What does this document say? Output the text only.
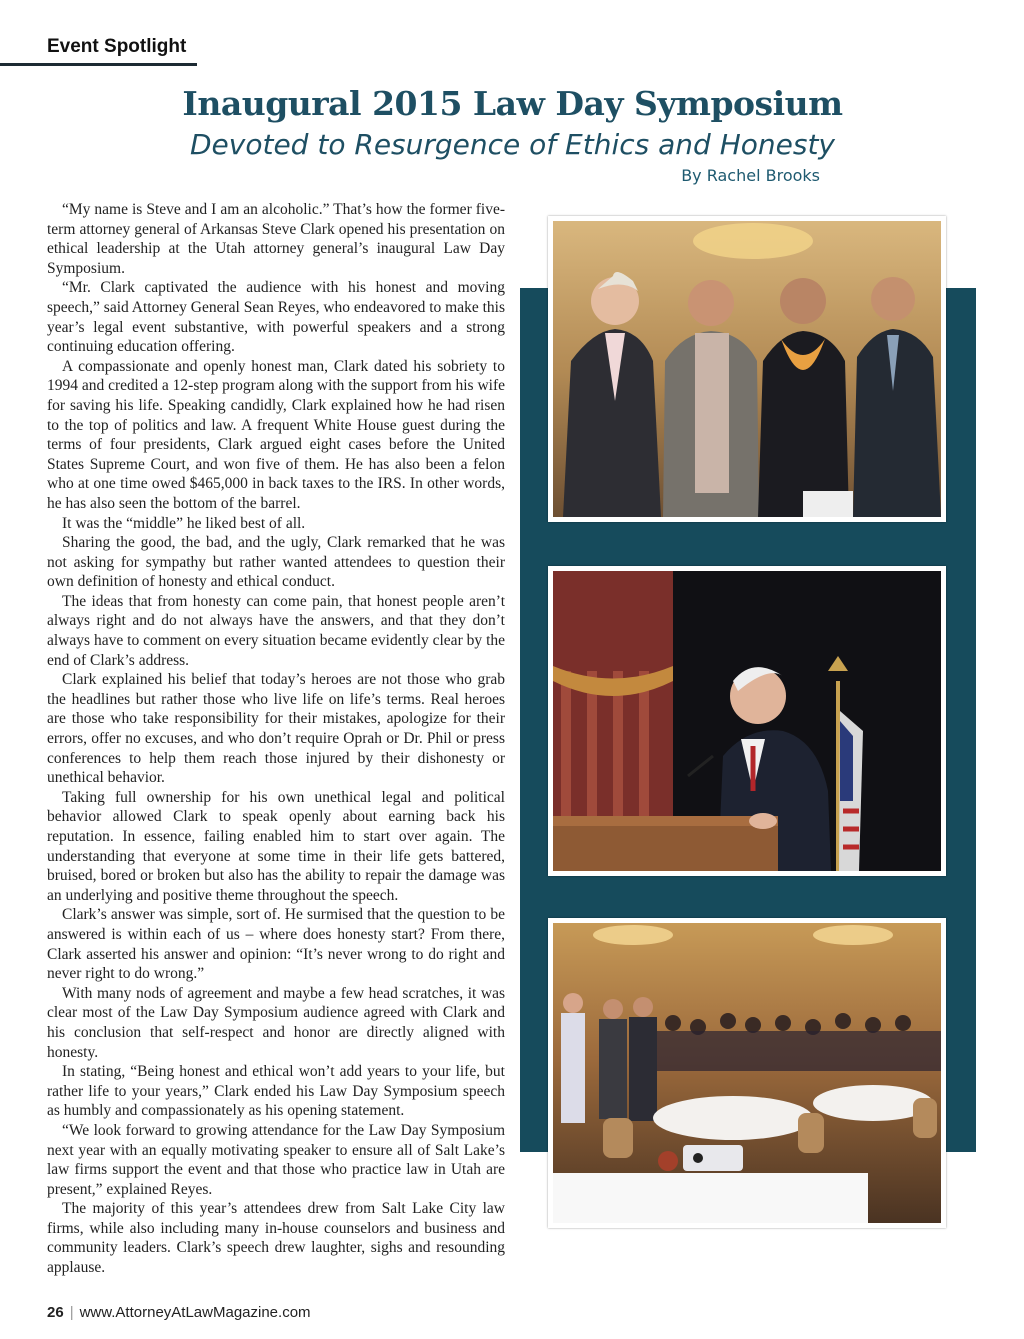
Event Spotlight
Inaugural 2015 Law Day Symposium
Devoted to Resurgence of Ethics and Honesty
By Rachel Brooks

“My name is Steve and I am an alcoholic.” That’s how the former five-term attorney general of Arkansas Steve Clark opened his presentation on ethical leadership at the Utah attorney general’s inaugural Law Day Symposium.

“Mr. Clark captivated the audience with his honest and moving speech,” said Attorney General Sean Reyes, who endeavored to make this year’s legal event substantive, with powerful speakers and a strong continuing education offering.

A compassionate and openly honest man, Clark dated his sobriety to 1994 and credited a 12-step program along with the support from his wife for saving his life. Speaking candidly, Clark explained how he had risen to the top of politics and law. A frequent White House guest during the terms of four presidents, Clark argued eight cases before the United States Supreme Court, and won five of them. He has also been a felon who at one time owed $465,000 in back taxes to the IRS. In other words, he has also seen the bottom of the barrel.

It was the “middle” he liked best of all.

Sharing the good, the bad, and the ugly, Clark remarked that he was not asking for sympathy but rather wanted attendees to question their own definition of honesty and ethical conduct.

The ideas that from honesty can come pain, that honest people aren’t always right and do not always have the answers, and that they don’t always have to comment on every situation became evidently clear by the end of Clark’s address.

Clark explained his belief that today’s heroes are not those who grab the headlines but rather those who live life on life’s terms. Real heroes are those who take responsibility for their mistakes, apologize for their errors, offer no excuses, and who don’t require Oprah or Dr. Phil or press conferences to help them reach those injured by their dishonesty or unethical behavior.

Taking full ownership for his own unethical legal and political behavior allowed Clark to speak openly about earning back his reputation. In essence, failing enabled him to start over again. The understanding that everyone at some time in their life gets battered, bruised, bored or broken but also has the ability to repair the damage was an underlying and positive theme throughout the speech.

Clark’s answer was simple, sort of. He surmised that the question to be answered is within each of us – where does honesty start? From there, Clark asserted his answer and opinion: “It’s never wrong to do right and never right to do wrong.”

With many nods of agreement and maybe a few head scratches, it was clear most of the Law Day Symposium audience agreed with Clark and his conclusion that self-respect and honor are directly aligned with honesty.

In stating, “Being honest and ethical won’t add years to your life, but rather life to your years,” Clark ended his Law Day Symposium speech as humbly and compassionately as his opening statement.

“We look forward to growing attendance for the Law Day Symposium next year with an equally motivating speaker to ensure all of Salt Lake’s law firms support the event and that those who practice law in Utah are present,” explained Reyes.

The majority of this year’s attendees drew from Salt Lake City law firms, while also including many in-house counselors and business and community leaders. Clark’s speech drew laughter, sighs and resounding applause.

26 | www.AttorneyAtLawMagazine.com
